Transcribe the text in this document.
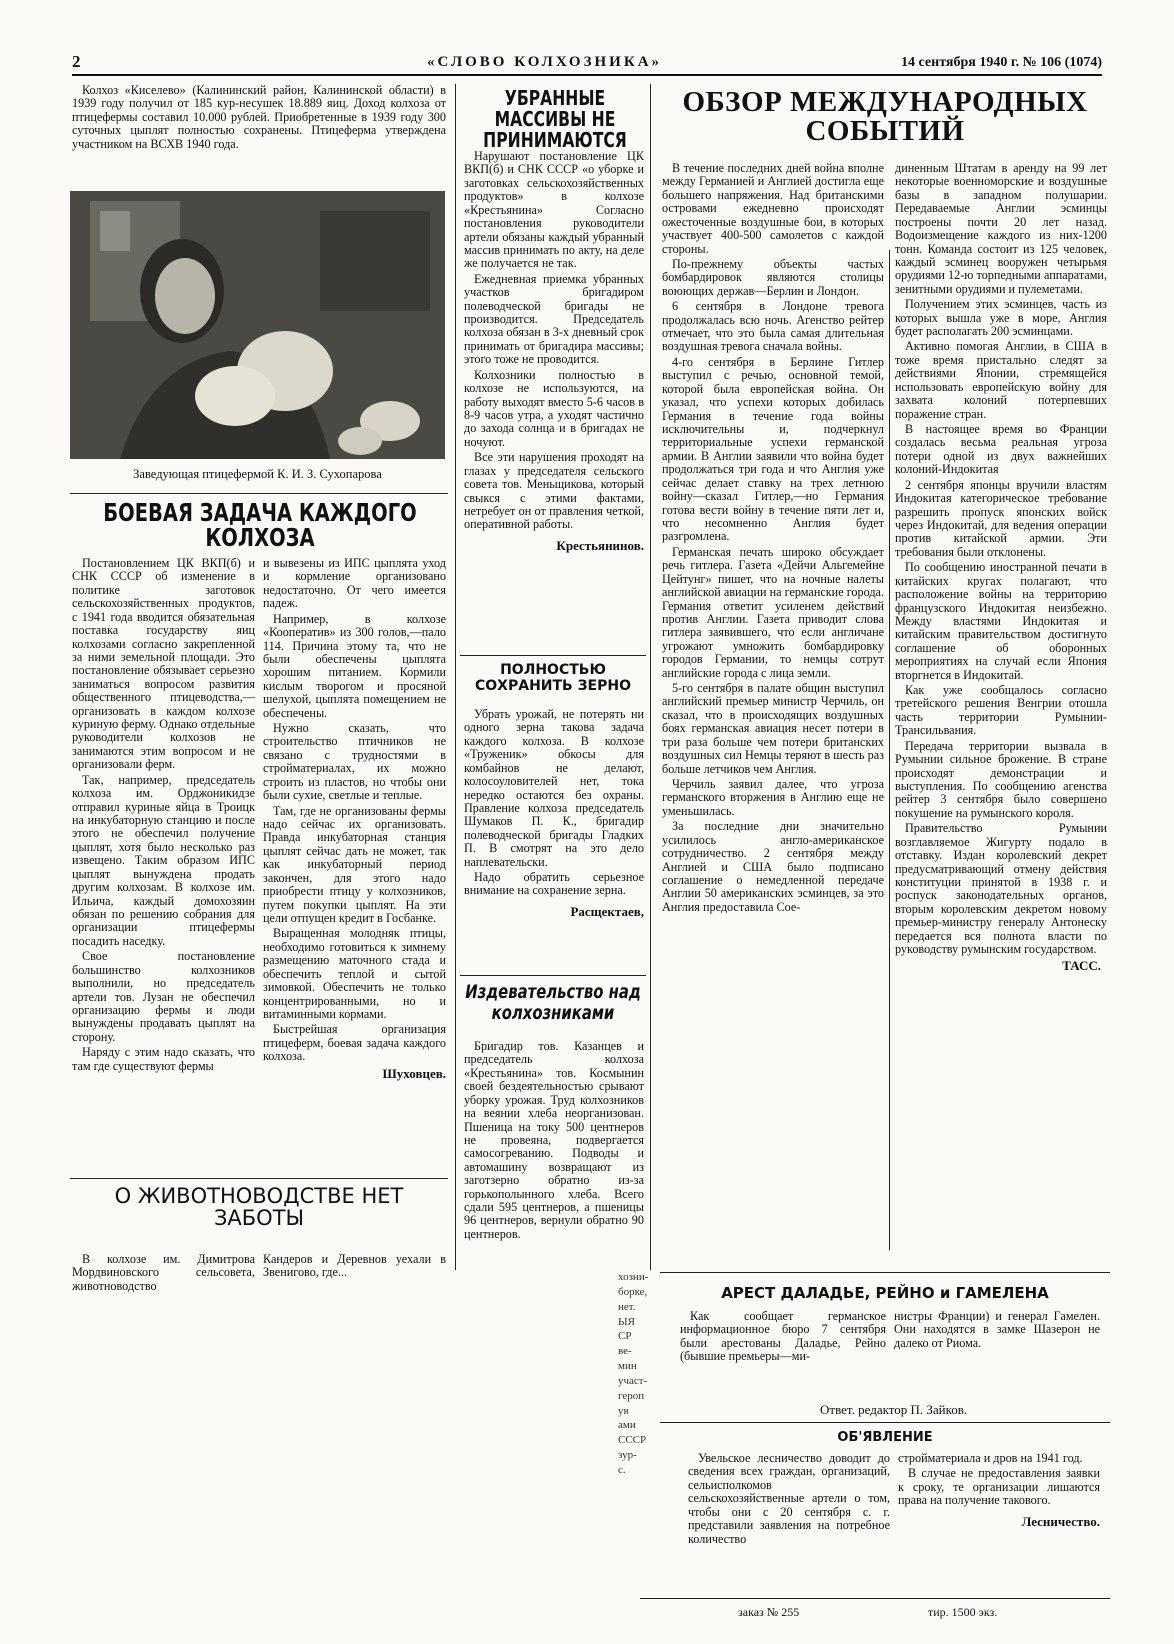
2	«СЛОВО КОЛХОЗНИКА»	14 сентября 1940 г. № 106 (1074)

Колхоз «Киселево» (Калининский район, Калининской области) в 1939 году получил от 185 кур-несушек 18.889 яиц. Доход колхоза от птицефермы составил 10.000 рублей. Приобретенные в 1939 году 300 суточных цыплят полностью сохранены. Птицеферма утверждена участником на ВСХВ 1940 года.

Заведующая птицефермой К. И. З. Сухопарова
БОЕВАЯ ЗАДАЧА КАЖДОГО КОЛХОЗА

Постановлением ЦК ВКП(б) и СНК СССР об изменение в политике заготовок сельскохозяйственных продуктов, с 1941 года вводится обязательная поставка государству яиц колхозами согласно закрепленной за ними земельной площади. Это постановление обязывает серьезно заниматься вопросом развития общественного птицеводства,—организовать в каждом колхозе куриную ферму. Однако отдельные руководители колхозов не занимаются этим вопросом и не организовали ферм.

Так, например, председатель колхоза им. Орджоникидзе отправил куриные яйца в Троицк на инкубаторную станцию и после этого не обеспечил получение цыплят, хотя было несколько раз извещено. Таким образом ИПС цыплят вынуждена продать другим колхозам. В колхозе им. Ильича, каждый домохозяин обязан по решению собрания для организации птицефермы посадить наседку.

Свое постановление большинство колхозников выполнили, но председатель артели тов. Лузан не обеспечил организацию фермы и люди вынуждены продавать цыплят на сторону.

Наряду с этим надо сказать, что там где существуют фермы

и вывезены из ИПС цыплята уход и кормление организовано недостаточно. От чего имеется падеж.

Например, в колхозе «Кооператив» из 300 голов,—пало 114. Причина этому та, что не были обеспечены цыплята хорошим питанием. Кормили кислым творогом и просяной шелухой, цыплята помещением не обеспечены.

Нужно сказать, что строительство птичников не связано с трудностями в стройматериалах, их можно строить из пластов, но чтобы они были сухие, светлые и теплые.

Там, где не организованы фермы надо сейчас их организовать. Правда инкубаторная станция цыплят сейчас дать не может, так как инкубаторный период закончен, для этого надо приобрести птицу у колхозников, путем покупки цыплят. На эти цели отпущен кредит в Госбанке.

Выращенная молодняк птицы, необходимо готовиться к зимнему размещению маточного стада и обеспечить теплой и сытой зимовкой. Обеспечить не только концентрированными, но и витаминными кормами.

Быстрейшая организация птицеферм, боевая задача каждого колхоза.

Шуховцев.
О ЖИВОТНОВОДСТВЕ НЕТ ЗАБОТЫ
В колхозе им. Димитрова Мордвиновского сельсовета, животноводство
Кандеров и Деревнов уехали в Звенигово, где...
УБРАННЫЕ МАССИВЫ НЕ ПРИНИМАЮТСЯ

Нарушают постановление ЦК ВКП(б) и СНК СССР «о уборке и заготовках сельскохозяйственных продуктов» в колхозе «Крестьянина» Согласно постановления руководители артели обязаны каждый убранный массив принимать по акту, на деле же получается не так.

Ежедневная приемка убранных участков бригадиром полеводческой бригады не производится. Председатель колхоза обязан в 3-х дневный срок принимать от бригадира массивы; этого тоже не проводится.

Колхозники полностью в колхозе не используются, на работу выходят вместо 5-6 часов в 8-9 часов утра, а уходят частично до захода солнца и в бригадах не ночуют.

Все эти нарушения проходят на глазах у председателя сельского совета тов. Меньщикова, который свыкся с этими фактами, нетребует он от правления четкой, оперативной работы.

Крестьянинов.
ПОЛНОСТЬЮ СОХРАНИТЬ ЗЕРНО

Убрать урожай, не потерять ни одного зерна такова задача каждого колхоза. В колхозе «Труженик» обкосы для комбайнов не делают, колосоуловителей нет, тока нередко остаются без охраны. Правление колхоза председатель Шумаков П. К., бригадир полеводческой бригады Гладких П. В смотрят на это дело наплевательски.

Надо обратить серьезное внимание на сохранение зерна.

Расщектаев,
Издевательство над колхозниками

Бригадир тов. Казанцев и председатель колхоза «Крестьянина» тов. Космынин своей бездеятельностью срывают уборку урожая. Труд колхозников на веянии хлеба неорганизован. Пшеница на току 500 центнеров не провеяна, подвергается самосогреванию. Подводы и автомашину возвращают из заготзерно обратно из-за горькополынного хлеба. Всего сдали 595 центнеров, а пшеницы 96 центнеров, вернули обратно 90 центнеров.

хозни-
борке,
нет.
ЫЯ
СР
ве-
мин
участ-
героп
ув
ами
СССР
зур-
с.
ОБЗОР МЕЖДУНАРОДНЫХ СОБЫТИЙ

В течение последних дней война вполне между Германией и Англией достигла еще большего напряжения. Над британскими островами ежедневно происходят ожесточенные воздушные бои, в которых участвует 400-500 самолетов с каждой стороны.

По-прежнему объекты частых бомбардировок являются столицы воюющих держав—Берлин и Лондон.

6 сентября в Лондоне тревога продолжалась всю ночь. Агенство рейтер отмечает, что это была самая длительная воздушная тревога сначала войны.

4-го сентября в Берлине Гитлер выступил с речью, основной темой, которой была европейская война. Он указал, что успехи которых добилась Германия в течение года войны исключительны и, подчеркнул территориальные успехи германской армии. В Англии заявили что война будет продолжаться три года и что Англия уже сейчас делает ставку на трех летнюю войну—сказал Гитлер,—но Германия готова вести войну в течение пяти лет и, что несомненно Англия будет разгромлена.

Германская печать широко обсуждает речь гитлера. Газета «Дейчи Альгемейне Цейтунг» пишет, что на ночные налеты английской авиации на германские города. Германия ответит усиленем действий против Англии. Газета приводит слова гитлера заявившего, что если англичане угрожают умножить бомбардировку городов Германии, то немцы сотрут английские города с лица земли.

5-го сентября в палате общин выступил английский премьер министр Черчиль, он сказал, что в происходящих воздушных боях германская авиация несет потери в три раза больше чем потери британских воздушных сил Немцы теряют в шесть раз больше летчиков чем Англия.

Черчиль заявил далее, что угроза германского вторжения в Англию еще не уменьшилась.

За последние дни значительно усилилось англо-американское сотрудничество. 2 сентября между Англией и США было подписано соглашение о немедленной передаче Англии 50 американских эсминцев, за это Англия предоставила Сое-

диненным Штатам в аренду на 99 лет некоторые военноморские и воздушные базы в западном полушарии. Передаваемые Англии эсминцы построены почти 20 лет назад. Водоизмещение каждого из них-1200 тонн. Команда состоит из 125 человек, каждый эсминец вооружен четырьмя орудиями 12-ю торпедными аппаратами, зенитными орудиями и пулеметами.

Получением этих эсминцев, часть из которых вышла уже в море, Англия будет располагать 200 эсминцами.

Активно помогая Англии, в США в тоже время пристально следят за действиями Японии, стремящейся использовать европейскую войну для захвата колоний потерпевших поражение стран.

В настоящее время во Франции создалась весьма реальная угроза потери одной из двух важнейших колоний-Индокитая

2 сентября японцы вручили властям Индокитая категорическое требование разрешить пропуск японских войск через Индокитай, для ведения операции против китайской армии. Эти требования были отклонены.

По сообщению иностранной печати в китайских кругах полагают, что расположение войны на территорию французского Индокитая неизбежно. Между властями Индокитая и китайским правительством достигнуто соглашение об оборонных мероприятиях на случай если Япония вторгнется в Индокитай.

Как уже сообщалось согласно третейского решения Венгрии отошла часть территории Румынии-Трансильвания.

Передача территории вызвала в Румынии сильное брожение. В стране происходят демонстрации и выступления. По сообщению агенства рейтер 3 сентября было совершено покушение на румынского короля.

Правительство Румынии возглавляемое Жигурту подало в отставку. Издан королевский декрет предусматривающий отмену действия конституции принятой в 1938 г. и роспуск законодательных органов, вторым королевским декретом новому премьер-министру генералу Антонеску передается вся полнота власти по руководству румынским государством.

ТАСС.
АРЕСТ ДАЛАДЬЕ, РЕЙНО и ГАМЕЛЕНА
Как сообщает германское информационное бюро 7 сентября были арестованы Даладье, Рейно (бывшие премьеры—ми-
нистры Франции) и генерал Гамелен. Они находятся в замке Шазерон не далеко от Риома.
Ответ. редактор П. Зайков.
ОБ'ЯВЛЕНИЕ
Увельское лесничество доводит до сведения всех граждан, организаций, сельисполкомов сельскохозяйственные артели о том, чтобы они с 20 сентября с. г. представили заявления на потребное количество

стройматериала и дров на 1941 год.

В случае не предоставления заявки к сроку, те организации лишаются права на получение такового.

Лесничество.
заказ № 255	тир. 1500 экз.
